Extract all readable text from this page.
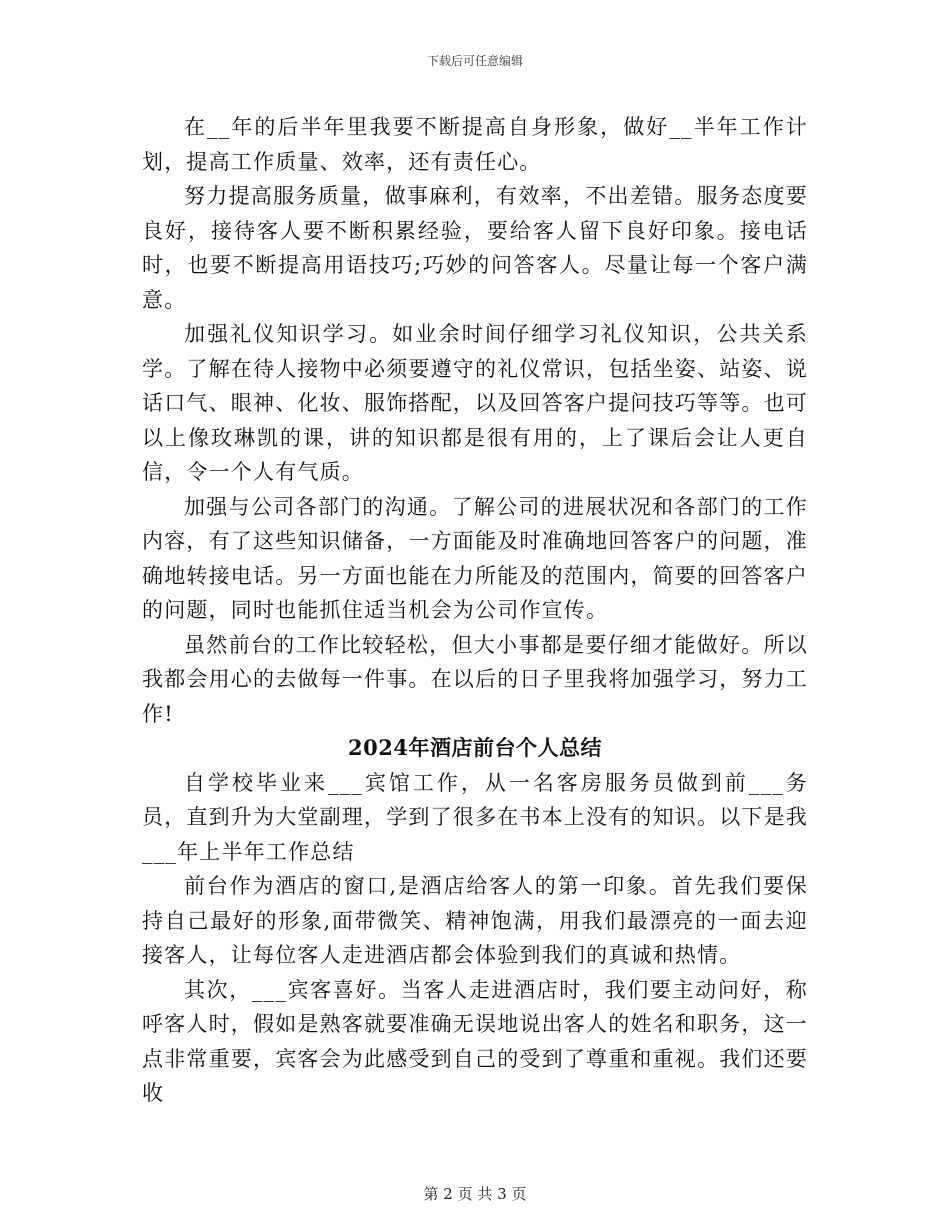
下载后可任意编辑

在__年的后半年里我要不断提高自身形象，做好__半年工作计划，提高工作质量、效率，还有责任心。

努力提高服务质量，做事麻利，有效率，不出差错。服务态度要良好，接待客人要不断积累经验，要给客人留下良好印象。接电话时，也要不断提高用语技巧;巧妙的问答客人。尽量让每一个客户满意。

加强礼仪知识学习。如业余时间仔细学习礼仪知识，公共关系学。了解在待人接物中必须要遵守的礼仪常识，包括坐姿、站姿、说话口气、眼神、化妆、服饰搭配，以及回答客户提问技巧等等。也可以上像玫琳凯的课，讲的知识都是很有用的，上了课后会让人更自信，令一个人有气质。

加强与公司各部门的沟通。了解公司的进展状况和各部门的工作内容，有了这些知识储备，一方面能及时准确地回答客户的问题，准确地转接电话。另一方面也能在力所能及的范围内，简要的回答客户的问题，同时也能抓住适当机会为公司作宣传。

虽然前台的工作比较轻松，但大小事都是要仔细才能做好。所以我都会用心的去做每一件事。在以后的日子里我将加强学习，努力工作!

2024年酒店前台个人总结

自学校毕业来___宾馆工作，从一名客房服务员做到前___务员，直到升为大堂副理，学到了很多在书本上没有的知识。以下是我___年上半年工作总结

前台作为酒店的窗口,是酒店给客人的第一印象。首先我们要保持自己最好的形象,面带微笑、精神饱满，用我们最漂亮的一面去迎接客人，让每位客人走进酒店都会体验到我们的真诚和热情。

其次，___宾客喜好。当客人走进酒店时，我们要主动问好，称呼客人时，假如是熟客就要准确无误地说出客人的姓名和职务，这一点非常重要，宾客会为此感受到自己的受到了尊重和重视。我们还要收

第 2 页 共 3 页
